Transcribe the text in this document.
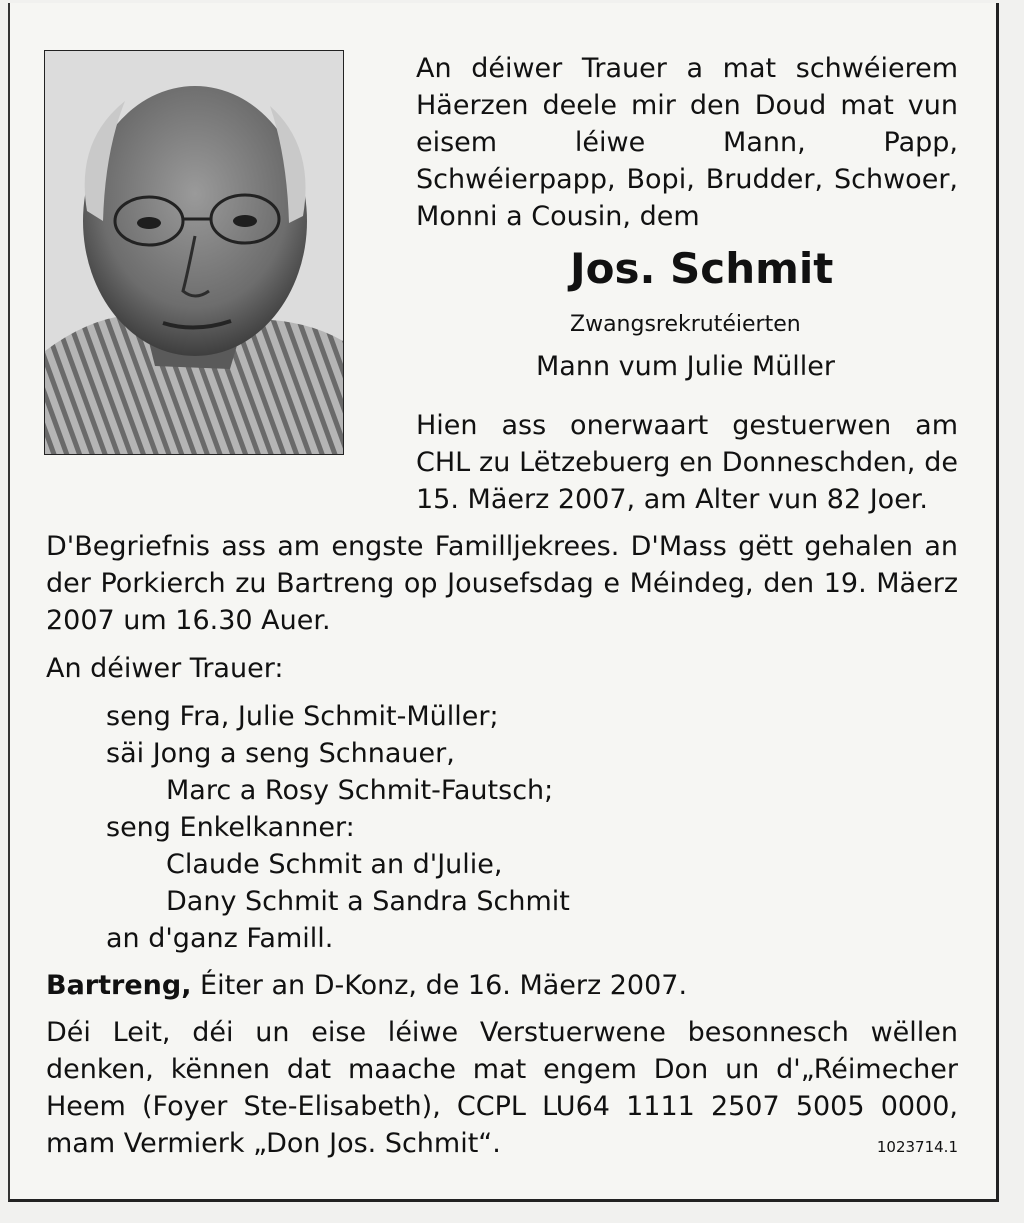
An déiwer Trauer a mat schwéierem Häerzen deele mir den Doud mat vun eisem léiwe Mann, Papp, Schwéierpapp, Bopi, Brudder, Schwoer, Monni a Cousin, dem

Jos. Schmit

Zwangsrekrutéierten

Mann vum Julie Müller

Hien ass onerwaart gestuerwen am CHL zu Lëtzebuerg en Donneschden, de 15. Mäerz 2007, am Alter vun 82 Joer.

D'Begriefnis ass am engste Familljekrees. D'Mass gëtt gehalen an der Porkierch zu Bartreng op Jousefsdag e Méindeg, den 19. Mäerz 2007 um 16.30 Auer.

An déiwer Trauer:

seng Fra, Julie Schmit-Müller;

säi Jong a seng Schnauer,

Marc a Rosy Schmit-Fautsch;

seng Enkelkanner:

Claude Schmit an d'Julie,

Dany Schmit a Sandra Schmit

an d'ganz Famill.

Bartreng, Éiter an D-Konz, de 16. Mäerz 2007.

Déi Leit, déi un eise léiwe Verstuerwene besonnesch wëllen denken, kënnen dat maache mat engem Don un d'„Réimecher Heem (Foyer Ste-Elisabeth), CCPL LU64 1111 2507 5005 0000, mam Vermierk „Don Jos. Schmit“.	1023714.1
